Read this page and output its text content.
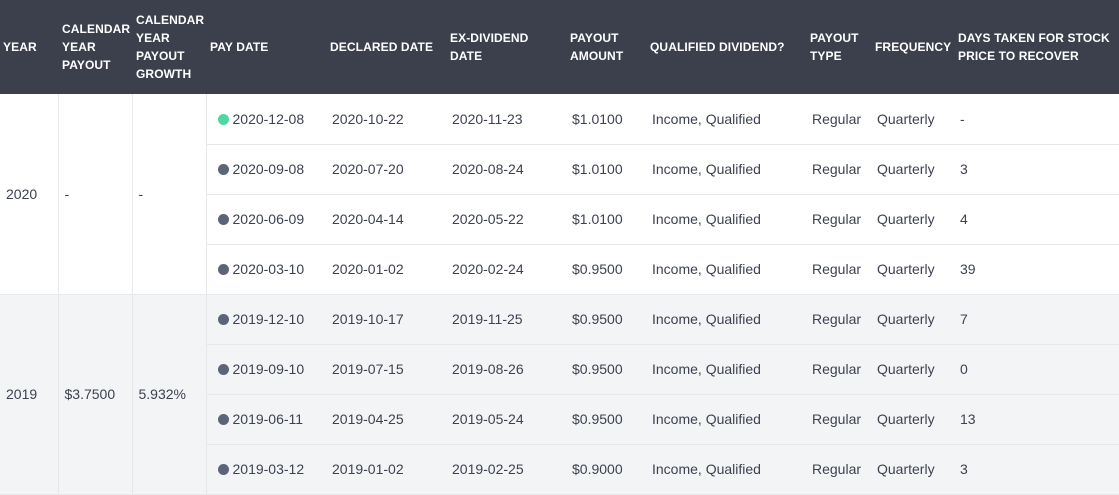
YEAR	CALENDAR YEAR PAYOUT	CALENDAR YEAR PAYOUT GROWTH	PAY DATE	DECLARED DATE	EX-DIVIDEND DATE	PAYOUT AMOUNT	QUALIFIED DIVIDEND?	PAYOUT TYPE	FREQUENCY	DAYS TAKEN FOR STOCK PRICE TO RECOVER
2020	-	-	2020-12-08	2020-10-22	2020-11-23	$1.0100	Income, Qualified	Regular	Quarterly	-
			2020-09-08	2020-07-20	2020-08-24	$1.0100	Income, Qualified	Regular	Quarterly	3
			2020-06-09	2020-04-14	2020-05-22	$1.0100	Income, Qualified	Regular	Quarterly	4
			2020-03-10	2020-01-02	2020-02-24	$0.9500	Income, Qualified	Regular	Quarterly	39
2019	$3.7500	5.932%	2019-12-10	2019-10-17	2019-11-25	$0.9500	Income, Qualified	Regular	Quarterly	7
			2019-09-10	2019-07-15	2019-08-26	$0.9500	Income, Qualified	Regular	Quarterly	0
			2019-06-11	2019-04-25	2019-05-24	$0.9500	Income, Qualified	Regular	Quarterly	13
			2019-03-12	2019-01-02	2019-02-25	$0.9000	Income, Qualified	Regular	Quarterly	3
